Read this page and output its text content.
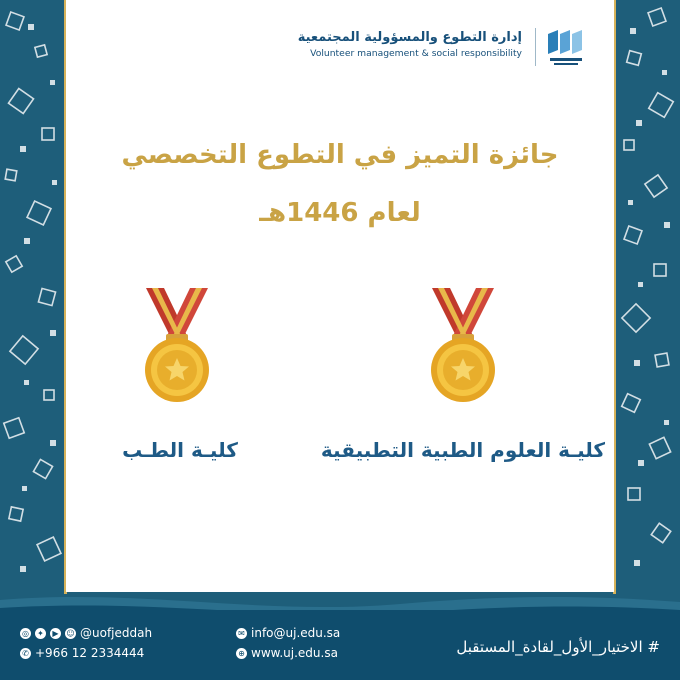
إدارة التطوع والمسؤولية المجتمعية
Volunteer management & social responsibility
جائزة التميز في التطوع التخصصي
لعام 1446هـ
كليـة الطـب	كليـة العلوم الطبية التطبيقية
◎ ✦	▶ ☺ @uofjeddah
✆ +966 12 2334444
✉ info@uj.edu.sa
⊕ www.uj.edu.sa	# الاختيار_الأول_لقادة_المستقبل
